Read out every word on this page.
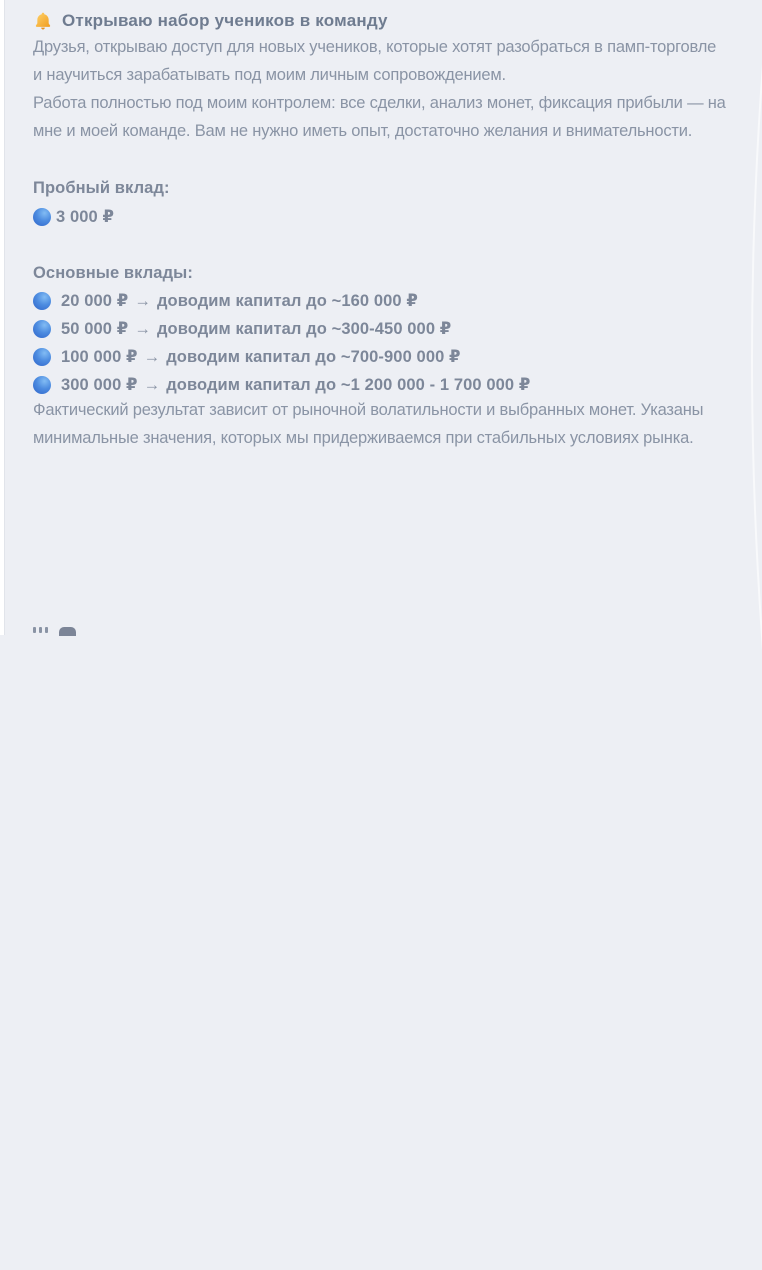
Открываю набор учеников в команду

Друзья, открываю доступ для новых учеников, которые хотят разобраться в памп-торговле и научиться зарабатывать под моим личным сопровождением.

Работа полностью под моим контролем: все сделки, анализ монет, фиксация прибыли — на мне и моей команде. Вам не нужно иметь опыт, достаточно желания и внимательности.

Пробный вклад:
3 000 ₽
Основные вклады:
20 000 ₽ → доводим капитал до ~160 000 ₽
50 000 ₽ → доводим капитал до ~300-450 000 ₽
100 000 ₽ → доводим капитал до ~700-900 000 ₽
300 000 ₽ → доводим капитал до ~1 200 000 - 1 700 000 ₽

Фактический результат зависит от рыночной волатильности и выбранных монет. Указаны минимальные значения, которых мы придерживаемся при стабильных условиях рынка.
